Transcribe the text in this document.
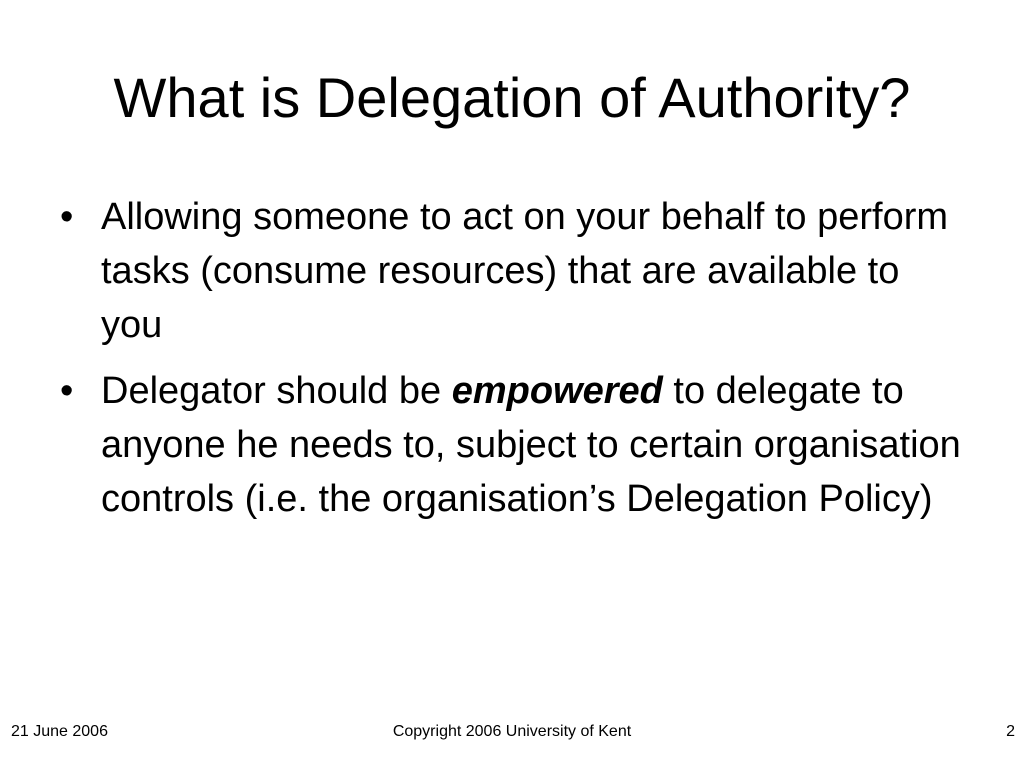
What is Delegation of Authority?
• Allowing someone to act on your behalf to perform tasks (consume resources) that are available to you
• Delegator should be empowered to delegate to anyone he needs to, subject to certain organisation controls (i.e. the organisation’s Delegation Policy)
21 June 2006	Copyright 2006 University of Kent	2
